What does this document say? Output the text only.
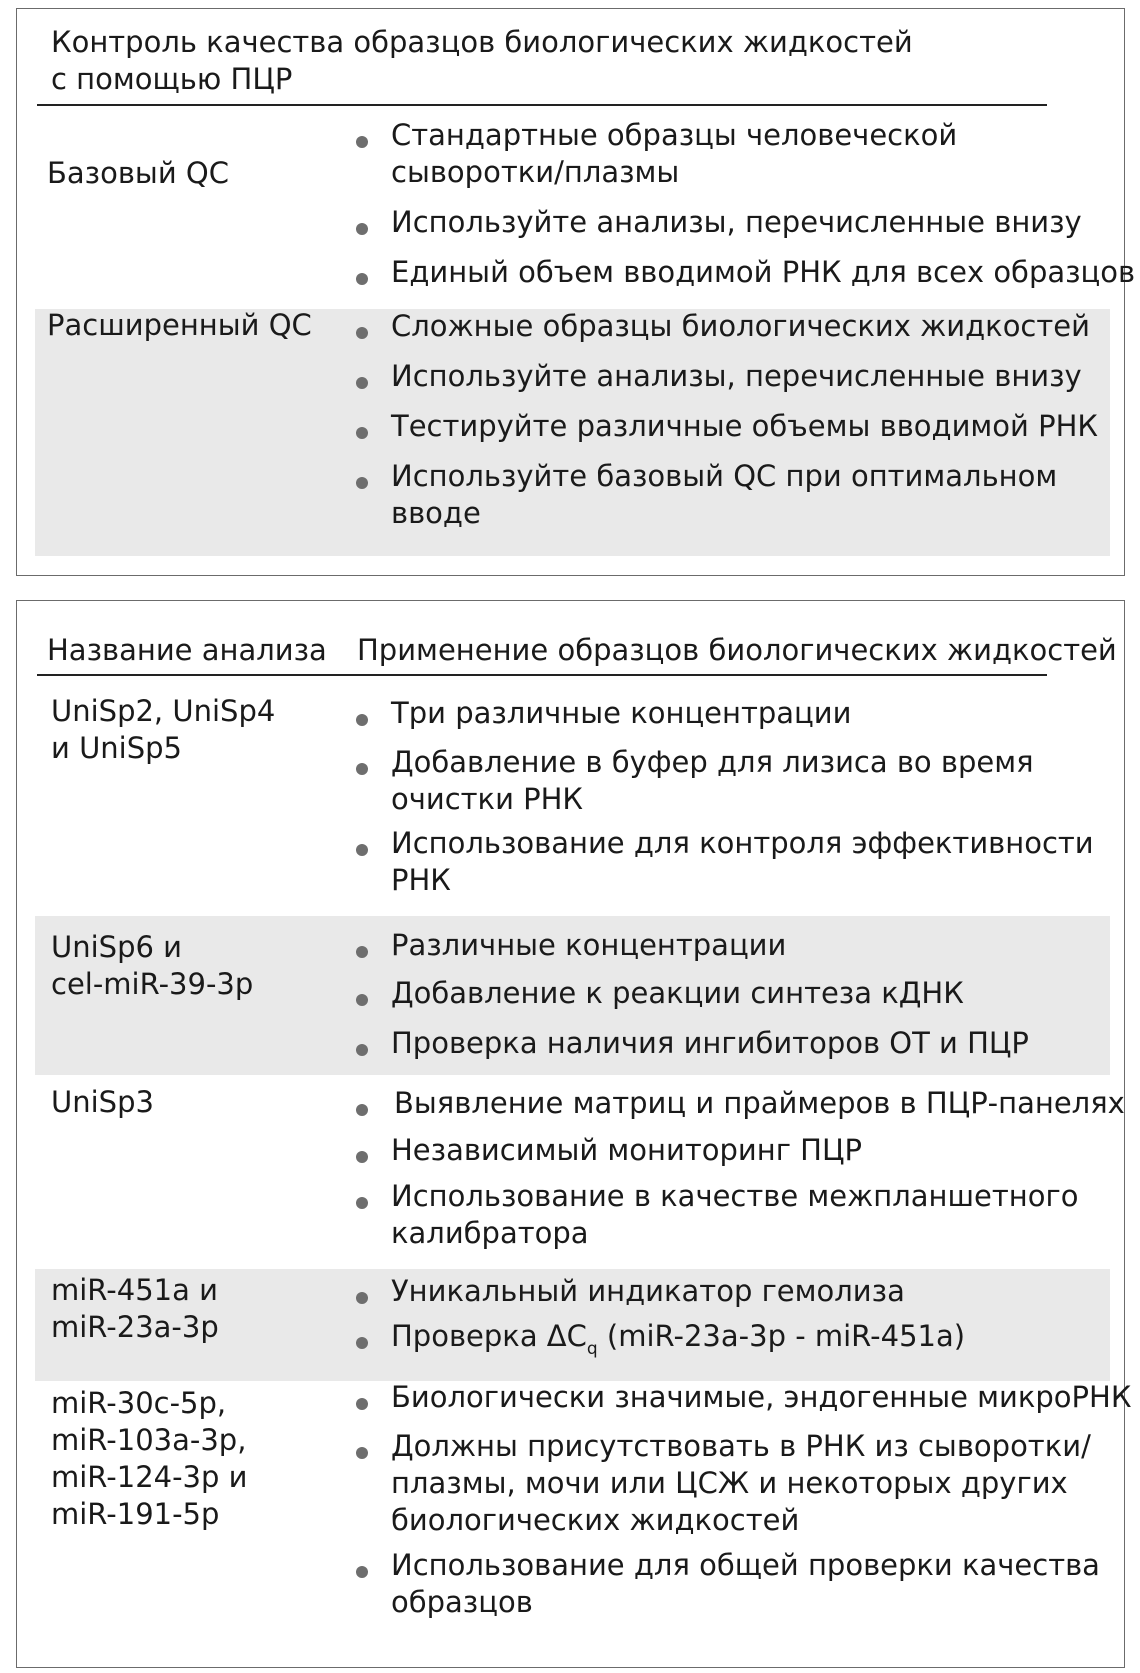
Контроль качества образцов биологических жидкостей
с помощью ПЦР
Базовый QC
Стандартные образцы человеческой
сыворотки/плазмы
Используйте анализы, перечисленные внизу
Единый объем вводимой РНК для всех образцов
Расширенный QC	Сложные образцы биологических жидкостей
Используйте анализы, перечисленные внизу
Тестируйте различные объемы вводимой РНК
Используйте базовый QC при оптимальном
вводе
Название анализа Применение образцов биологических жидкостей
UniSp2, UniSp4
и UniSp5
Три различные концентрации
Добавление в буфер для лизиса во время
очистки РНК
Использование для контроля эффективности
РНК
UniSp6 и
cel-miR-39-3p
Различные концентрации
Добавление к реакции синтеза кДНК
Проверка наличия ингибиторов ОТ и ПЦР
UniSp3	Выявление матриц и праймеров в ПЦР-панелях
Независимый мониторинг ПЦР
Использование в качестве межпланшетного
калибратора
miR-451a и
miR-23a-3p
Уникальный индикатор гемолиза
Проверка $\Delta C_q$ (miR-23a-3p - miR-451a)
miR-30c-5p,
miR-103a-3p,
miR-124-3p и
miR-191-5p
Биологически значимые, эндогенные микроРНК
Должны присутствовать в РНК из сыворотки/
плазмы, мочи или ЦСЖ и некоторых других
биологических жидкостей
Использование для общей проверки качества
образцов
